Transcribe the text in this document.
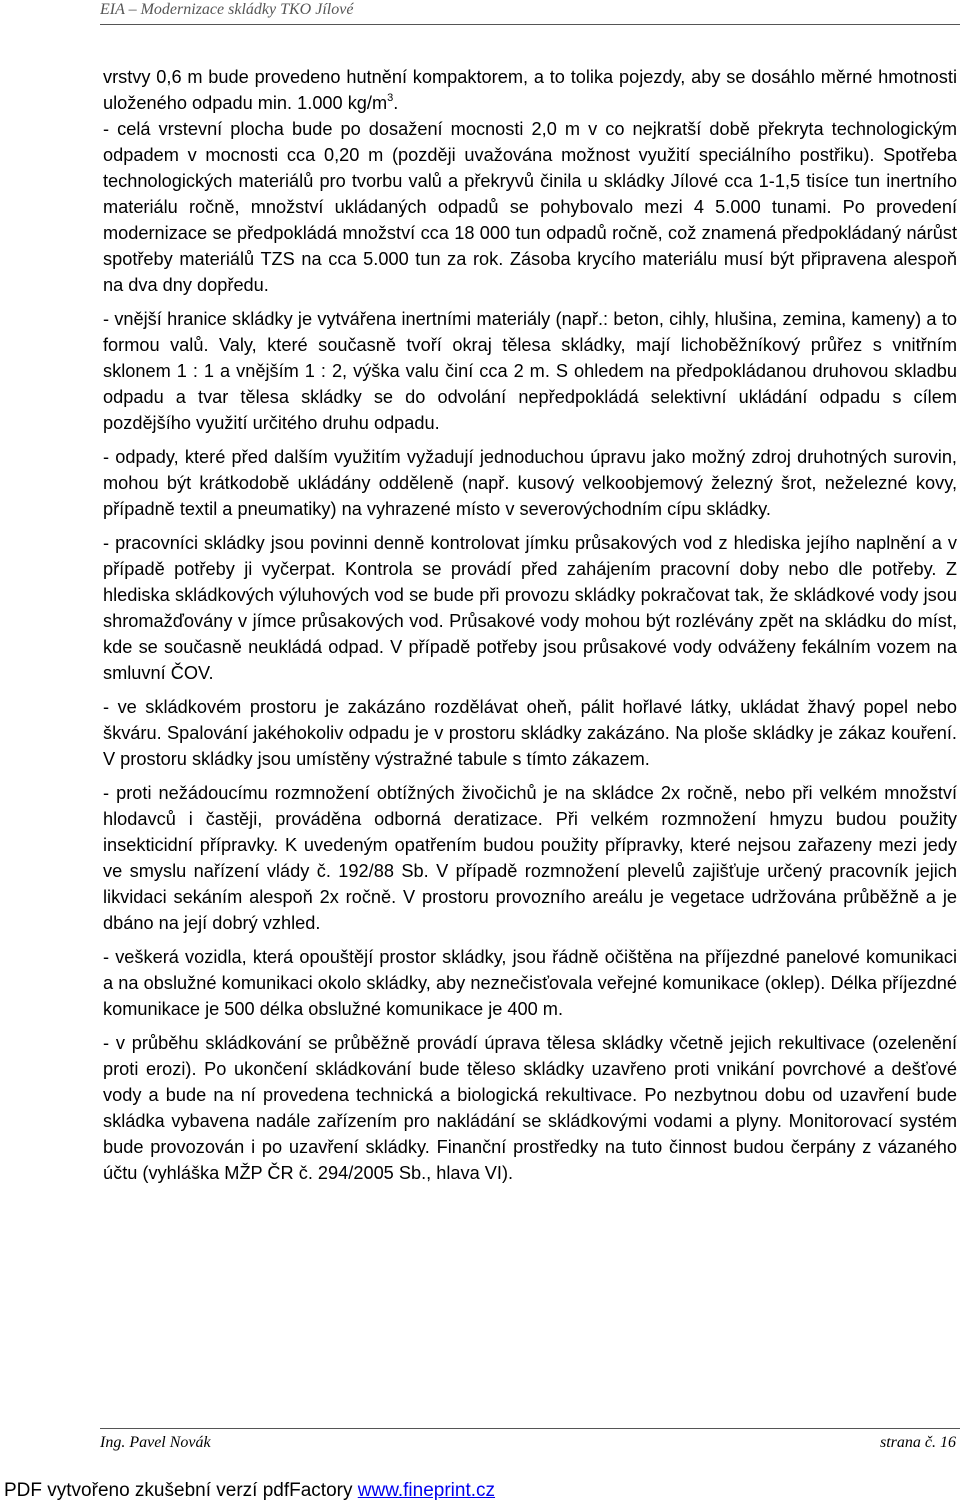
EIA – Modernizace skládky TKO Jílové

vrstvy 0,6 m bude provedeno hutnění kompaktorem, a to tolika pojezdy, aby se dosáhlo měrné hmotnosti uloženého odpadu min. 1.000 $kg/m^3$.

- celá vrstevní plocha bude po dosažení mocnosti 2,0 m v co nejkratší době překryta technologickým odpadem v mocnosti cca 0,20 m (později uvažována možnost využití speciálního postřiku). Spotřeba technologických materiálů pro tvorbu valů a překryvů činila u skládky Jílové cca 1-1,5 tisíce tun inertního materiálu ročně, množství ukládaných odpadů se pohybovalo mezi 4 5.000 tunami. Po provedení modernizace se předpokládá množství cca 18 000 tun odpadů ročně, což znamená předpokládaný nárůst spotřeby materiálů TZS na cca 5.000 tun za rok. Zásoba krycího materiálu musí být připravena alespoň na dva dny dopředu.

- vnější hranice skládky je vytvářena inertními materiály (např.: beton, cihly, hlušina, zemina, kameny) a to formou valů. Valy, které současně tvoří okraj tělesa skládky, mají lichoběžníkový průřez s vnitřním sklonem 1 : 1 a vnějším 1 : 2, výška valu činí cca 2 m. S ohledem na předpokládanou druhovou skladbu odpadu a tvar tělesa skládky se do odvolání nepředpokládá selektivní ukládání odpadu s cílem pozdějšího využití určitého druhu odpadu.

- odpady, které před dalším využitím vyžadují jednoduchou úpravu jako možný zdroj druhotných surovin, mohou být krátkodobě ukládány odděleně (např. kusový velkoobjemový železný šrot, neželezné kovy, případně textil a pneumatiky) na vyhrazené místo v severovýchodním cípu skládky.

- pracovníci skládky jsou povinni denně kontrolovat jímku průsakových vod z hlediska jejího naplnění a v případě potřeby ji vyčerpat. Kontrola se provádí před zahájením pracovní doby nebo dle potřeby. Z hlediska skládkových výluhových vod se bude při provozu skládky pokračovat tak, že skládkové vody jsou shromažďovány v jímce průsakových vod. Průsakové vody mohou být rozlévány zpět na skládku do míst, kde se současně neukládá odpad. V případě potřeby jsou průsakové vody odváženy fekálním vozem na smluvní ČOV.

- ve skládkovém prostoru je zakázáno rozdělávat oheň, pálit hořlavé látky, ukládat žhavý popel nebo škváru. Spalování jakéhokoliv odpadu je v prostoru skládky zakázáno. Na ploše skládky je zákaz kouření. V prostoru skládky jsou umístěny výstražné tabule s tímto zákazem.

- proti nežádoucímu rozmnožení obtížných živočichů je na skládce 2x ročně, nebo při velkém množství hlodavců i častěji, prováděna odborná deratizace. Při velkém rozmnožení hmyzu budou použity insekticidní přípravky. K uvedeným opatřením budou použity přípravky, které nejsou zařazeny mezi jedy ve smyslu nařízení vlády č. 192/88 Sb. V případě rozmnožení plevelů zajišťuje určený pracovník jejich likvidaci sekáním alespoň 2x ročně. V prostoru provozního areálu je vegetace udržována průběžně a je dbáno na její dobrý vzhled.

- veškerá vozidla, která opouštějí prostor skládky, jsou řádně očištěna na příjezdné panelové komunikaci a na obslužné komunikaci okolo skládky, aby neznečisťovala veřejné komunikace (oklep). Délka příjezdné komunikace je 500 délka obslužné komunikace je 400 m.

- v průběhu skládkování se průběžně provádí úprava tělesa skládky včetně jejich rekultivace (ozelenění proti erozi). Po ukončení skládkování bude těleso skládky uzavřeno proti vnikání povrchové a dešťové vody a bude na ní provedena technická a biologická rekultivace. Po nezbytnou dobu od uzavření bude skládka vybavena nadále zařízením pro nakládání se skládkovými vodami a plyny. Monitorovací systém bude provozován i po uzavření skládky. Finanční prostředky na tuto činnost budou čerpány z vázaného účtu (vyhláška MŽP ČR č. 294/2005 Sb., hlava VI).

Ing. Pavel Novák	strana č. 16
PDF vytvořeno zkušební verzí pdfFactory www.fineprint.cz
